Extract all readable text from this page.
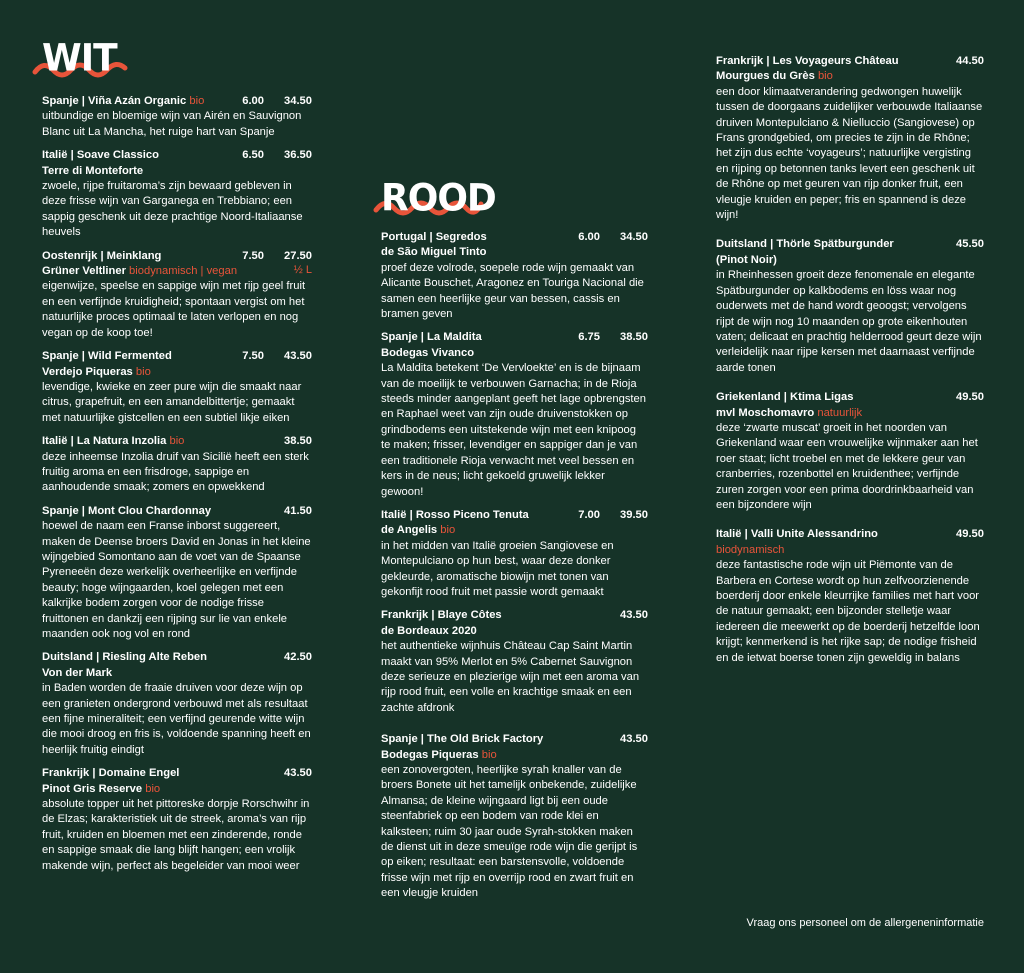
WIT
Spanje | Viña Azán Organic bio	6.00	34.50
uitbundige en bloemige wijn van Airén en Sauvignon Blanc uit La Mancha, het ruige hart van Spanje
Italië | Soave Classico
Terre di Monteforte
6.50	36.50
zwoele, rijpe fruitaroma’s zijn bewaard gebleven in deze frisse wijn van Garganega en Trebbiano; een sappig geschenk uit deze prachtige Noord-Italiaanse heuvels
Oostenrijk | Meinklang	7.50	27.50
Grüner Veltliner biodynamisch | vegan	½ L
eigenwijze, speelse en sappige wijn met rijp geel fruit en een verfijnde kruidigheid; spontaan vergist om het natuurlijke proces optimaal te laten verlopen en nog vegan op de koop toe!
Spanje | Wild Fermented
Verdejo Piqueras bio
7.50	43.50
levendige, kwieke en zeer pure wijn die smaakt naar citrus, grapefruit, en een amandelbittertje; gemaakt met natuurlijke gistcellen en een subtiel likje eiken
Italië | La Natura Inzolia bio	38.50
deze inheemse Inzolia druif van Sicilië heeft een sterk fruitig aroma en een frisdroge, sappige en aanhoudende smaak; zomers en opwekkend
Spanje | Mont Clou Chardonnay	41.50
hoewel de naam een Franse inborst suggereert, maken de Deense broers David en Jonas in het kleine wijngebied Somontano aan de voet van de Spaanse Pyreneeën deze werkelijk overheerlijke en verfijnde beauty; hoge wijngaarden, koel gelegen met een kalkrijke bodem zorgen voor de nodige frisse fruittonen en dankzij een rijping sur lie van enkele maanden ook nog vol en rond
Duitsland | Riesling Alte Reben
Von der Mark
42.50
in Baden worden de fraaie druiven voor deze wijn op een granieten ondergrond verbouwd met als resultaat een fijne mineraliteit; een verfijnd geurende witte wijn die mooi droog en fris is, voldoende spanning heeft en heerlijk fruitig eindigt
Frankrijk | Domaine Engel
Pinot Gris Reserve bio
43.50
absolute topper uit het pittoreske dorpje Rorschwihr in de Elzas; karakteristiek uit de streek, aroma’s van rijp fruit, kruiden en bloemen met een zinderende, ronde en sappige smaak die lang blijft hangen; een vrolijk makende wijn, perfect als begeleider van mooi weer
ROOD
Portugal | Segredos
de São Miguel Tinto
6.00	34.50
proef deze volrode, soepele rode wijn gemaakt van Alicante Bouschet, Aragonez en Touriga Nacional die samen een heerlijke geur van bessen, cassis en bramen geven
Spanje | La Maldita
Bodegas Vivanco
6.75	38.50
La Maldita betekent ‘De Vervloekte’ en is de bijnaam van de moeilijk te verbouwen Garnacha; in de Rioja steeds minder aangeplant geeft het lage opbrengsten en Raphael weet van zijn oude druivenstokken op grindbodems een uitstekende wijn met een knipoog te maken; frisser, levendiger en sappiger dan je van een traditionele Rioja verwacht met veel bessen en kers in de neus; licht gekoeld gruwelijk lekker gewoon!
Italië | Rosso Piceno Tenuta
de Angelis bio
7.00	39.50
in het midden van Italië groeien Sangiovese en Montepulciano op hun best, waar deze donker gekleurde, aromatische biowijn met tonen van gekonfijt rood fruit met passie wordt gemaakt
Frankrijk | Blaye Côtes
de Bordeaux 2020
43.50
het authentieke wijnhuis Château Cap Saint Martin maakt van 95% Merlot en 5% Cabernet Sauvignon deze serieuze en plezierige wijn met een aroma van rijp rood fruit, een volle en krachtige smaak en een zachte afdronk
Spanje | The Old Brick Factory
Bodegas Piqueras bio
43.50
een zonovergoten, heerlijke syrah knaller van de broers Bonete uit het tamelijk onbekende, zuidelijke Almansa; de kleine wijngaard ligt bij een oude steenfabriek op een bodem van rode klei en kalksteen; ruim 30 jaar oude Syrah-stokken maken de dienst uit in deze smeuïge rode wijn die gerijpt is op eiken; resultaat: een barstensvolle, voldoende frisse wijn met rijp en overrijp rood en zwart fruit en een vleugje kruiden
Frankrijk | Les Voyageurs Château
Mourgues du Grès bio
44.50
een door klimaatverandering gedwongen huwelijk tussen de doorgaans zuidelijker verbouwde Italiaanse druiven Montepulciano & Nielluccio (Sangiovese) op Frans grondgebied, om precies te zijn in de Rhône; het zijn dus echte ‘voyageurs’; natuurlijke vergisting en rijping op betonnen tanks levert een geschenk uit de Rhône op met geuren van rijp donker fruit, een vleugje kruiden en peper; fris en spannend is deze wijn!
Duitsland | Thörle Spätburgunder
(Pinot Noir)
45.50
in Rheinhessen groeit deze fenomenale en elegante Spätburgunder op kalkbodems en löss waar nog ouderwets met de hand wordt geoogst; vervolgens rijpt de wijn nog 10 maanden op grote eikenhouten vaten; delicaat en prachtig helderrood geurt deze wijn verleidelijk naar rijpe kersen met daarnaast verfijnde aarde tonen
Griekenland | Ktima Ligas
mvl Moschomavro natuurlijk
49.50
deze ‘zwarte muscat’ groeit in het noorden van Griekenland waar een vrouwelijke wijnmaker aan het roer staat; licht troebel en met de lekkere geur van cranberries, rozenbottel en kruidenthee; verfijnde zuren zorgen voor een prima doordrinkbaarheid van een bijzondere wijn
Italië | Valli Unite Alessandrino
biodynamisch
49.50
deze fantastische rode wijn uit Piëmonte van de Barbera en Cortese wordt op hun zelfvoorzienende boerderij door enkele kleurrijke families met hart voor de natuur gemaakt; een bijzonder stelletje waar iedereen die meewerkt op de boerderij hetzelfde loon krijgt; kenmerkend is het rijke sap; de nodige frisheid en de ietwat boerse tonen zijn geweldig in balans
Vraag ons personeel om de allergeneninformatie
